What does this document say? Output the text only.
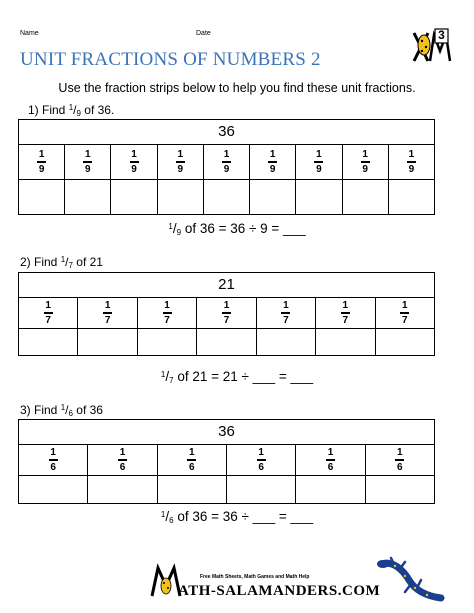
Name	Date	3
UNIT FRACTIONS OF NUMBERS 2
Use the fraction strips below to help you find these unit fractions.
1) Find $^1/_9$ of 36.
36
$\frac{1}{9} \frac{1}{9} \frac{1}{9} \frac{1}{9} \frac{1}{9} \frac{1}{9} \frac{1}{9} \frac{1}{9} \frac{1}{9}$
$^1/_9$ of 36 = 36 ÷ 9 = ___
2) Find $^1/_7$ of 21
21
$\frac{1}{7} \frac{1}{7} \frac{1}{7} \frac{1}{7} \frac{1}{7} \frac{1}{7} \frac{1}{7}$
$^1/_7$ of 21 = 21 ÷ ___ = ___
3) Find $^1/_6$ of 36
36
$\frac{1}{6} \frac{1}{6} \frac{1}{6} \frac{1}{6} \frac{1}{6} \frac{1}{6}$
$^1/_6$ of 36 = 36 ÷ ___ = ___
Free Math Sheets, Math Games and Math Help
ATH-SALAMANDERS.COM
